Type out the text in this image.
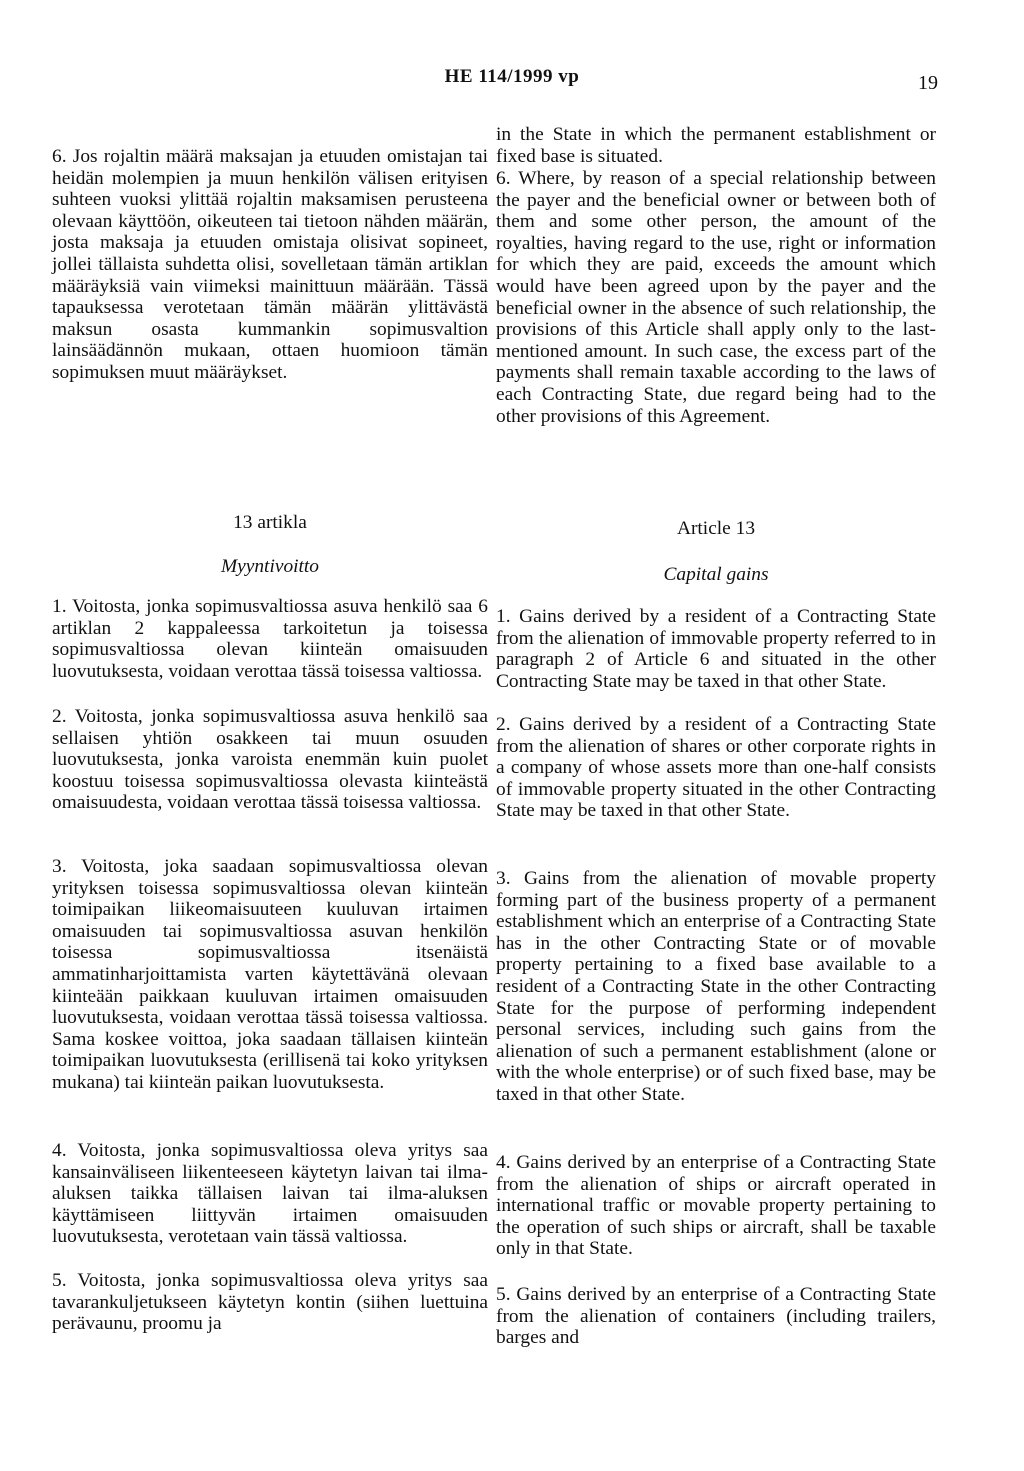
HE 114/1999 vp	19

6. Jos rojaltin määrä maksajan ja etuuden omistajan tai heidän molempien ja muun henkilön välisen erityisen suhteen vuoksi ylittää rojaltin maksamisen perusteena olevaan käyttöön, oikeuteen tai tietoon nähden määrän, josta maksaja ja etuuden omistaja olisivat sopineet, jollei tällaista suhdetta olisi, sovelletaan tämän artiklan määräyksiä vain viimeksi mainittuun määrään. Tässä tapauksessa verotetaan tämän määrän ylittävästä maksun osasta kummankin sopimusvaltion lainsäädännön mukaan, ottaen huomioon tämän sopimuksen muut määräykset.

13 artikla

Myyntivoitto

1. Voitosta, jonka sopimusvaltiossa asuva henkilö saa 6 artiklan 2 kappaleessa tarkoitetun ja toisessa sopimusvaltiossa olevan kiinteän omaisuuden luovutuksesta, voidaan verottaa tässä toisessa valtiossa.

2. Voitosta, jonka sopimusvaltiossa asuva henkilö saa sellaisen yhtiön osakkeen tai muun osuuden luovutuksesta, jonka varoista enemmän kuin puolet koostuu toisessa sopimusvaltiossa olevasta kiinteästä omaisuudesta, voidaan verottaa tässä toisessa valtiossa.

3. Voitosta, joka saadaan sopimusvaltiossa olevan yrityksen toisessa sopimusvaltiossa olevan kiinteän toimipaikan liikeomaisuuteen kuuluvan irtaimen omaisuuden tai sopimusvaltiossa asuvan henkilön toisessa sopimusvaltiossa itsenäistä ammatinharjoittamista varten käytettävänä olevaan kiinteään paikkaan kuuluvan irtaimen omaisuuden luovutuksesta, voidaan verottaa tässä toisessa valtiossa. Sama koskee voittoa, joka saadaan tällaisen kiinteän toimipaikan luovutuksesta (erillisenä tai koko yrityksen mukana) tai kiinteän paikan luovutuksesta.

4. Voitosta, jonka sopimusvaltiossa oleva yritys saa kansainväliseen liikenteeseen käytetyn laivan tai ilma-aluksen taikka tällaisen laivan tai ilma-aluksen käyttämiseen liittyvän irtaimen omaisuuden luovutuksesta, verotetaan vain tässä valtiossa.

5. Voitosta, jonka sopimusvaltiossa oleva yritys saa tavarankuljetukseen käytetyn kontin (siihen luettuina perävaunu, proomu ja

in the State in which the permanent establishment or fixed base is situated.

6. Where, by reason of a special relationship between the payer and the beneficial owner or between both of them and some other person, the amount of the royalties, having regard to the use, right or information for which they are paid, exceeds the amount which would have been agreed upon by the payer and the beneficial owner in the absence of such relationship, the provisions of this Article shall apply only to the last-mentioned amount. In such case, the excess part of the payments shall remain taxable according to the laws of each Contracting State, due regard being had to the other provisions of this Agreement.

Article 13

Capital gains

1. Gains derived by a resident of a Contracting State from the alienation of immovable property referred to in paragraph 2 of Article 6 and situated in the other Contracting State may be taxed in that other State.

2. Gains derived by a resident of a Contracting State from the alienation of shares or other corporate rights in a company of whose assets more than one-half consists of immovable property situated in the other Contracting State may be taxed in that other State.

3. Gains from the alienation of movable property forming part of the business property of a permanent establishment which an enterprise of a Contracting State has in the other Contracting State or of movable property pertaining to a fixed base available to a resident of a Contracting State in the other Contracting State for the purpose of performing independent personal services, including such gains from the alienation of such a permanent establishment (alone or with the whole enterprise) or of such fixed base, may be taxed in that other State.

4. Gains derived by an enterprise of a Contracting State from the alienation of ships or aircraft operated in international traffic or movable property pertaining to the operation of such ships or aircraft, shall be taxable only in that State.

5. Gains derived by an enterprise of a Contracting State from the alienation of containers (including trailers, barges and
